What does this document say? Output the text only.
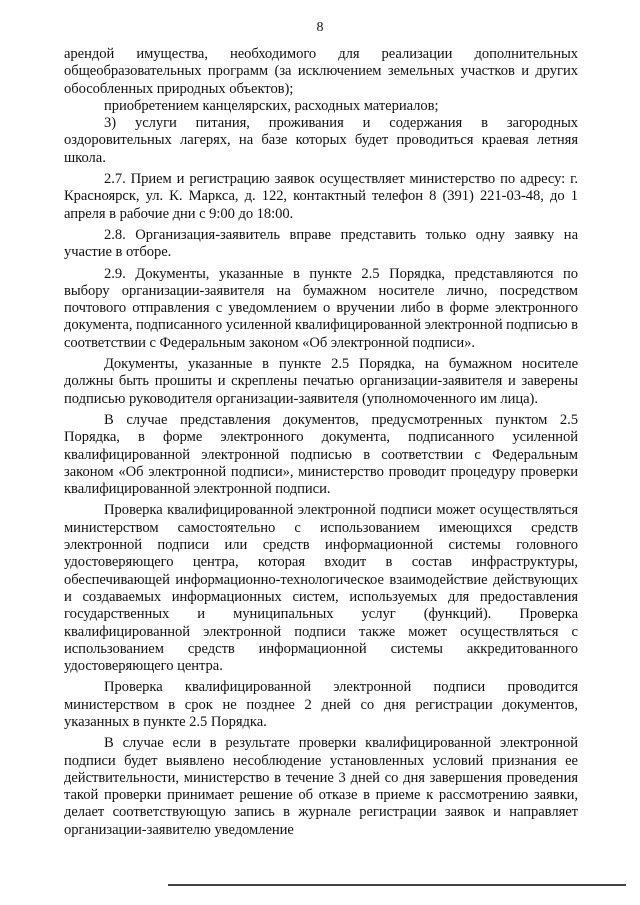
8

арендой имущества, необходимого для реализации дополнительных общеобразовательных программ (за исключением земельных участков и других обособленных природных объектов);

приобретением канцелярских, расходных материалов;

3) услуги питания, проживания и содержания в загородных оздоровительных лагерях, на базе которых будет проводиться краевая летняя школа.

2.7. Прием и регистрацию заявок осуществляет министерство по адресу: г. Красноярск, ул. К. Маркса, д. 122, контактный телефон 8 (391) 221-03-48, до 1 апреля в рабочие дни с 9:00 до 18:00.

2.8. Организация-заявитель вправе представить только одну заявку на участие в отборе.

2.9. Документы, указанные в пункте 2.5 Порядка, представляются по выбору организации-заявителя на бумажном носителе лично, посредством почтового отправления с уведомлением о вручении либо в форме электронного документа, подписанного усиленной квалифицированной электронной подписью в соответствии с Федеральным законом «Об электронной подписи».

Документы, указанные в пункте 2.5 Порядка, на бумажном носителе должны быть прошиты и скреплены печатью организации-заявителя и заверены подписью руководителя организации-заявителя (уполномоченного им лица).

В случае представления документов, предусмотренных пунктом 2.5 Порядка, в форме электронного документа, подписанного усиленной квалифицированной электронной подписью в соответствии с Федеральным законом «Об электронной подписи», министерство проводит процедуру проверки квалифицированной электронной подписи.

Проверка квалифицированной электронной подписи может осуществляться министерством самостоятельно с использованием имеющихся средств электронной подписи или средств информационной системы головного удостоверяющего центра, которая входит в состав инфраструктуры, обеспечивающей информационно-технологическое взаимодействие действующих и создаваемых информационных систем, используемых для предоставления государственных и муниципальных услуг (функций). Проверка квалифицированной электронной подписи также может осуществляться с использованием средств информационной системы аккредитованного удостоверяющего центра.

Проверка квалифицированной электронной подписи проводится министерством в срок не позднее 2 дней со дня регистрации документов, указанных в пункте 2.5 Порядка.

В случае если в результате проверки квалифицированной электронной подписи будет выявлено несоблюдение установленных условий признания ее действительности, министерство в течение 3 дней со дня завершения проведения такой проверки принимает решение об отказе в приеме к рассмотрению заявки, делает соответствующую запись в журнале регистрации заявок и направляет организации-заявителю уведомление
